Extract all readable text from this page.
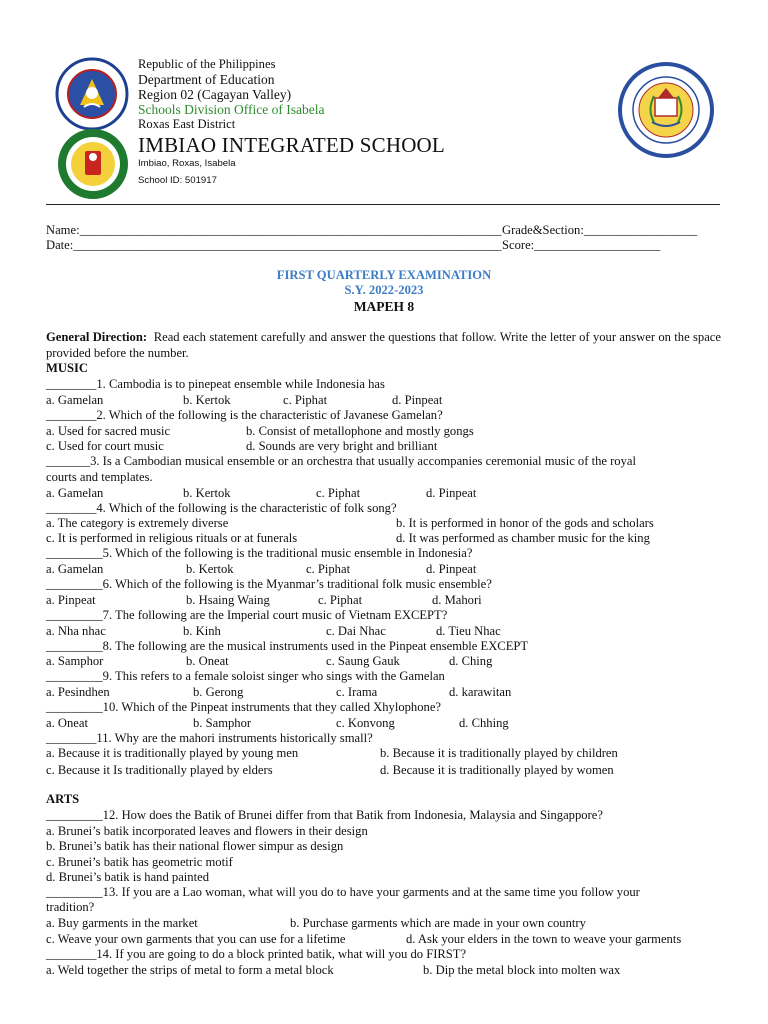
Republic of the Philippines
Department of Education
Region 02 (Cagayan Valley)
Schools Division Office of Isabela
Roxas East District
IMBIAO INTEGRATED SCHOOL
Imbiao, Roxas, Isabela
School ID: 501917
Name:___________________________________________________________________ Grade&Section:__________________
Date:____________________________________________________________________ Score:____________________
FIRST QUARTERLY EXAMINATION
S.Y. 2022-2023
MAPEH 8
General Direction: Read each statement carefully and answer the questions that follow. Write the letter of your answer on the space provided before the number.
MUSIC
________1. Cambodia is to pinepeat ensemble while Indonesia has
a. Gamelan	b. Kertok	c. Piphat	d. Pinpeat
________2. Which of the following is the characteristic of Javanese Gamelan?
a. Used for sacred music	b. Consist of metallophone and mostly gongs
c. Used for court music	d. Sounds are very bright and brilliant
_______3. Is a Cambodian musical ensemble or an orchestra that usually accompanies ceremonial music of the royal
courts and templates.
a. Gamelan	b. Kertok	c. Piphat	d. Pinpeat
________4. Which of the following is the characteristic of folk song?
a. The category is extremely diverse	b. It is performed in honor of the gods and scholars
c. It is performed in religious rituals or at funerals	d. It was performed as chamber music for the king
_________5. Which of the following is the traditional music ensemble in Indonesia?
a. Gamelan	b. Kertok	c. Piphat	d. Pinpeat
_________6. Which of the following is the Myanmar’s traditional folk music ensemble?
a. Pinpeat	b. Hsaing Waing	c. Piphat	d. Mahori
_________7. The following are the Imperial court music of Vietnam EXCEPT?
a. Nha nhac	b. Kinh	c. Dai Nhac	d. Tieu Nhac
_________8. The following are the musical instruments used in the Pinpeat ensemble EXCEPT
a. Samphor	b. Oneat	c. Saung Gauk	d. Ching
_________9. This refers to a female soloist singer who sings with the Gamelan
a. Pesindhen	b. Gerong	c. Irama	d. karawitan
_________10. Which of the Pinpeat instruments that they called Xhylophone?
a. Oneat	b. Samphor	c. Konvong	d. Chhing
________11. Why are the mahori instruments historically small?
a. Because it is traditionally played by young men	b. Because it is traditionally played by children
c. Because it Is traditionally played by elders	d. Because it is traditionally played by women
_________12. How does the Batik of Brunei differ from that Batik from Indonesia, Malaysia and Singappore?
a. Brunei’s batik incorporated leaves and flowers in their design
b. Brunei’s batik has their national flower simpur as design
c. Brunei’s batik has geometric motif
d. Brunei’s batik is hand painted
_________13. If you are a Lao woman, what will you do to have your garments and at the same time you follow your
tradition?
a. Buy garments in the market	b. Purchase garments which are made in your own country
c. Weave your own garments that you can use for a lifetime	d. Ask your elders in the town to weave your garments
________14. If you are going to do a block printed batik, what will you do FIRST?
a. Weld together the strips of metal to form a metal block	b. Dip the metal block into molten wax
ARTS
